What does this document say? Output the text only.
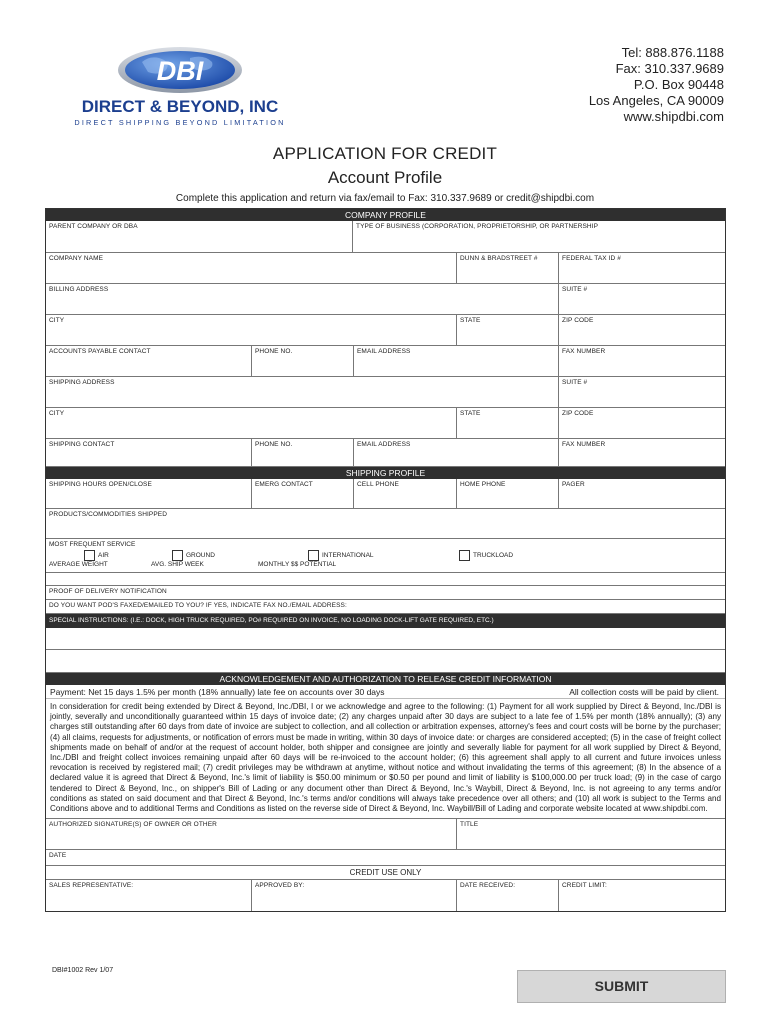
DBI
DIRECT & BEYOND, INC
DIRECT SHIPPING BEYOND LIMITATION
Tel: 888.876.1188
Fax: 310.337.9689
P.O. Box 90448
Los Angeles, CA 90009
www.shipdbi.com
APPLICATION FOR CREDIT
Account Profile
Complete this application and return via fax/email to Fax: 310.337.9689 or credit@shipdbi.com
COMPANY PROFILE
PARENT COMPANY OR DBA	TYPE OF BUSINESS (CORPORATION, PROPRIETORSHIP, OR PARTNERSHIP
COMPANY NAME	DUNN & BRADSTREET #	FEDERAL TAX ID #
BILLING ADDRESS	SUITE #
CITY	STATE	ZIP CODE
ACCOUNTS PAYABLE CONTACT	PHONE NO.	EMAIL ADDRESS	FAX NUMBER
SHIPPING ADDRESS	SUITE #
CITY	STATE	ZIP CODE
SHIPPING CONTACT	PHONE NO.	EMAIL ADDRESS	FAX NUMBER
SHIPPING PROFILE
SHIPPING HOURS OPEN/CLOSE	EMERG CONTACT	CELL PHONE	HOME PHONE	PAGER
PRODUCTS/COMMODITIES SHIPPED
MOST FREQUENT SERVICE
AIR	GROUND	INTERNATIONAL	TRUCKLOAD
AVERAGE WEIGHT	AVG. SHIP WEEK	MONTHLY $$ POTENTIAL
PROOF OF DELIVERY NOTIFICATION
DO YOU WANT POD'S FAXED/EMAILED TO YOU? IF YES, INDICATE FAX NO./EMAIL ADDRESS:
SPECIAL INSTRUCTIONS: (I.E.: DOCK, HIGH TRUCK REQUIRED, PO# REQUIRED ON INVOICE, NO LOADING DOCK-LIFT GATE REQUIRED, ETC.)
ACKNOWLEDGEMENT AND AUTHORIZATION TO RELEASE CREDIT INFORMATION
Payment: Net 15 days 1.5% per month (18% annually) late fee on accounts over 30 days	All collection costs will be paid by client.
In consideration for credit being extended by Direct & Beyond, Inc./DBI, I or we acknowledge and agree to the following: (1) Payment for all work supplied by Direct & Beyond, Inc./DBI is jointly, severally and unconditionally guaranteed within 15 days of invoice date; (2) any charges unpaid after 30 days are subject to a late fee of 1.5% per month (18% annually); (3) any charges still outstanding after 60 days from date of invoice are subject to collection, and all collection or arbitration expenses, attorney's fees and court costs will be borne by the purchaser; (4) all claims, requests for adjustments, or notification of errors must be made in writing, within 30 days of invoice date: or charges are considered accepted; (5) in the case of freight collect shipments made on behalf of and/or at the request of account holder, both shipper and consignee are jointly and severally liable for payment for all work supplied by Direct & Beyond, Inc./DBI and freight collect invoices remaining unpaid after 60 days will be re-invoiced to the account holder; (6) this agreement shall apply to all current and future invoices unless revocation is received by registered mail; (7) credit privileges may be withdrawn at anytime, without notice and without invalidating the terms of this agreement; (8) In the absence of a declared value it is agreed that Direct & Beyond, Inc.'s limit of liability is $50.00 minimum or $0.50 per pound and limit of liability is $100,000.00 per truck load; (9) in the case of cargo tendered to Direct & Beyond, Inc., on shipper's Bill of Lading or any document other than Direct & Beyond, Inc.'s Waybill, Direct & Beyond, Inc. is not agreeing to any terms and/or conditions as stated on said document and that Direct & Beyond, Inc.'s terms and/or conditions will always take precedence over all others; and (10) all work is subject to the Terms and Conditions above and to additional Terms and Conditions as listed on the reverse side of Direct & Beyond, Inc. Waybill/Bill of Lading and corporate website located at www.shipdbi.com.
AUTHORIZED SIGNATURE(S) OF OWNER OR OTHER	TITLE
DATE
CREDIT USE ONLY
SALES REPRESENTATIVE:	APPROVED BY:	DATE RECEIVED:	CREDIT LIMIT:
DBI#1002 Rev 1/07
SUBMIT
